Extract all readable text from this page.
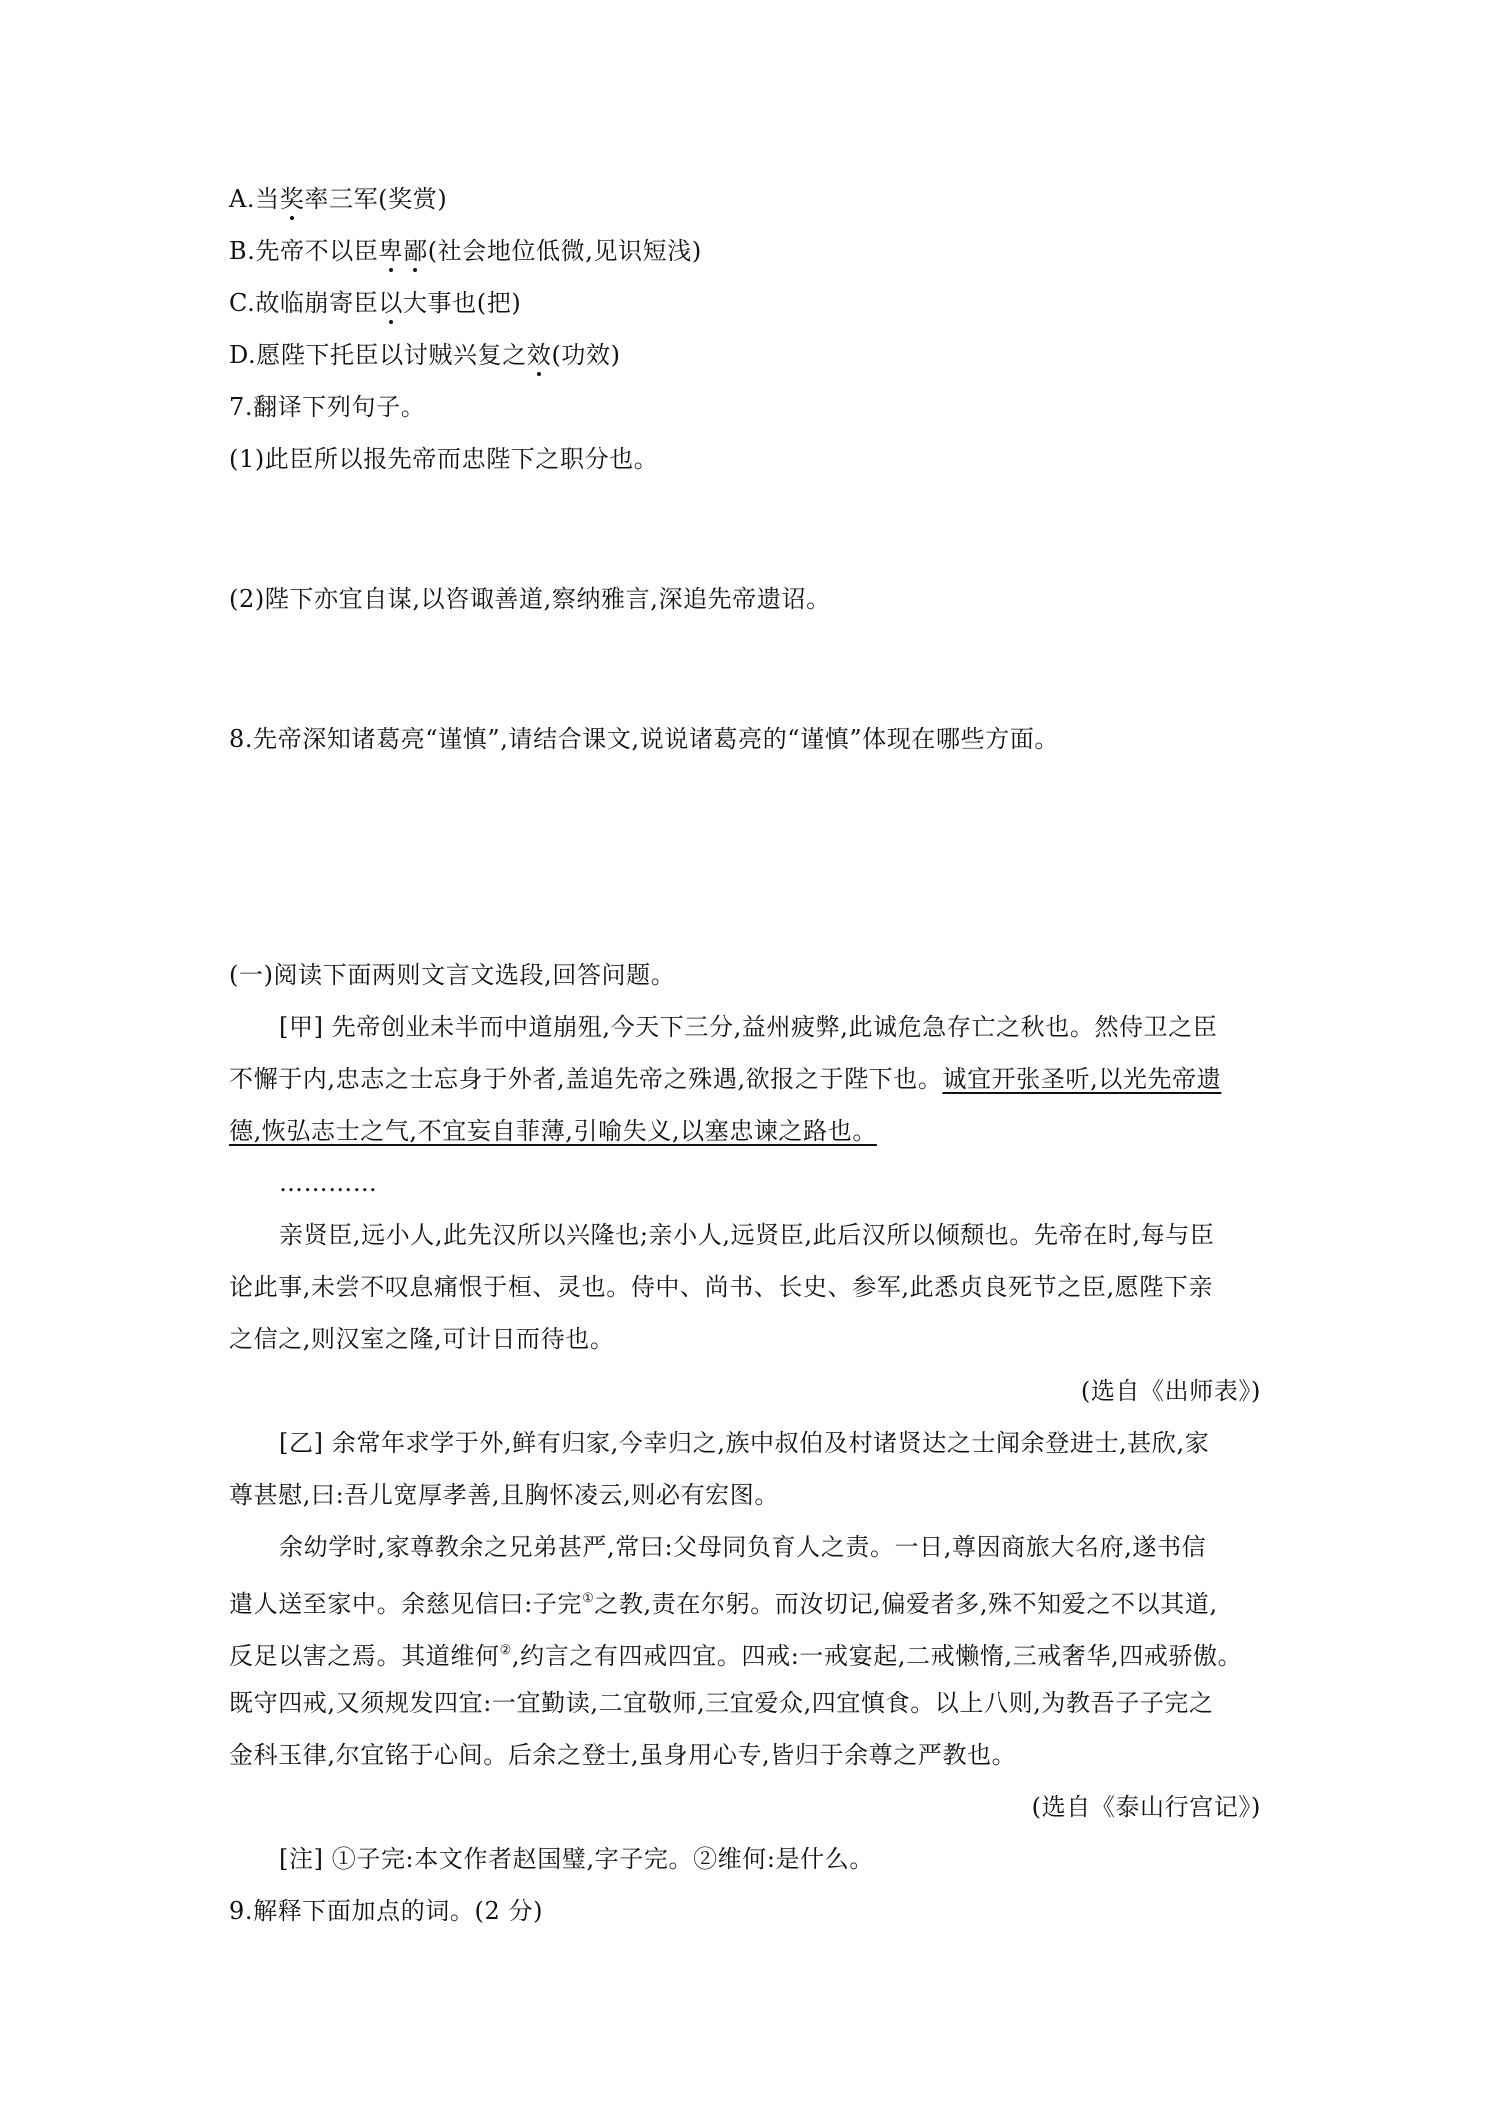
A.当奖率三军(奖赏)
B.先帝不以臣卑鄙(社会地位低微,见识短浅)
C.故临崩寄臣以大事也(把)
D.愿陛下托臣以讨贼兴复之效(功效)
7.翻译下列句子。
(1)此臣所以报先帝而忠陛下之职分也。
(2)陛下亦宜自谋,以咨诹善道,察纳雅言,深追先帝遗诏。
8.先帝深知诸葛亮“谨慎”,请结合课文,说说诸葛亮的“谨慎”体现在哪些方面。
(一)阅读下面两则文言文选段,回答问题。
[甲] 先帝创业未半而中道崩殂,今天下三分,益州疲弊,此诚危急存亡之秋也。然侍卫之臣
不懈于内,忠志之士忘身于外者,盖追先帝之殊遇,欲报之于陛下也。诚宜开张圣听,以光先帝遗
德,恢弘志士之气,不宜妄自菲薄,引喻失义,以塞忠谏之路也。
…………
亲贤臣,远小人,此先汉所以兴隆也;亲小人,远贤臣,此后汉所以倾颓也。先帝在时,每与臣
论此事,未尝不叹息痛恨于桓、灵也。侍中、尚书、长史、参军,此悉贞良死节之臣,愿陛下亲
之信之,则汉室之隆,可计日而待也。
(选自《出师表》)
[乙] 余常年求学于外,鲜有归家,今幸归之,族中叔伯及村诸贤达之士闻余登进士,甚欣,家
尊甚慰,曰:吾儿宽厚孝善,且胸怀凌云,则必有宏图。
余幼学时,家尊教余之兄弟甚严,常曰:父母同负育人之责。一日,尊因商旅大名府,遂书信
遣人送至家中。余慈见信曰:子完①之教,责在尔躬。而汝切记,偏爱者多,殊不知爱之不以其道,
反足以害之焉。其道维何②,约言之有四戒四宜。四戒:一戒宴起,二戒懒惰,三戒奢华,四戒骄傲。
既守四戒,又须规发四宜:一宜勤读,二宜敬师,三宜爱众,四宜慎食。以上八则,为教吾子子完之
金科玉律,尔宜铭于心间。后余之登士,虽身用心专,皆归于余尊之严教也。
(选自《泰山行宫记》)
[注] ①子完:本文作者赵国璧,字子完。②维何:是什么。
9.解释下面加点的词。(2 分)
